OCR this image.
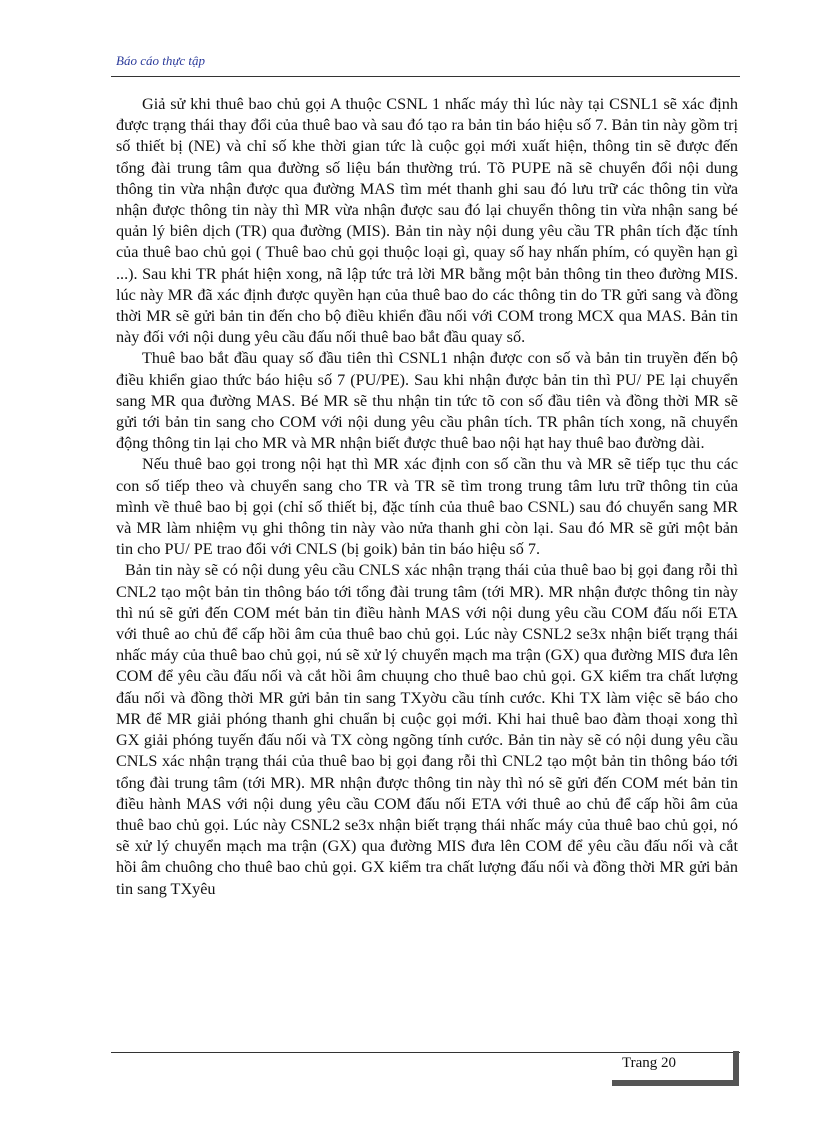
Báo cáo thực tập

Giả sử khi thuê bao chủ gọi A thuộc CSNL 1 nhấc máy thì lúc này tại CSNL1 sẽ xác định được trạng thái thay đổi của thuê bao và sau đó tạo ra bản tin báo hiệu số 7. Bản tin này gồm trị số thiết bị (NE) và chỉ số khe thời gian tức là cuộc gọi mới xuất hiện, thông tin sẽ được đến tổng đài trung tâm qua đường số liệu bán thường trú. Tõ PUPE nã sẽ chuyển đổi nội dung thông tin vừa nhận được qua đường MAS tìm mét thanh ghi sau đó lưu trữ các thông tin vừa nhận được thông tin này thì MR vừa nhận được sau đó lại chuyển thông tin vừa nhận sang bé quản lý biên dịch (TR) qua đường (MIS). Bản tin này nội dung yêu cầu TR phân tích đặc tính của thuê bao chủ gọi ( Thuê bao chủ gọi thuộc loại gì, quay số hay nhấn phím, có quyền hạn gì ...). Sau khi TR phát hiện xong, nã lập tức trả lời MR bằng một bản thông tin theo đường MIS. lúc này MR đã xác định được quyền hạn của thuê bao do các thông tin do TR gửi sang và đồng thời MR sẽ gửi bản tin đến cho bộ điều khiển đầu nối với COM trong MCX qua MAS. Bản tin này đối với nội dung yêu cầu đấu nối thuê bao bắt đầu quay số.

Thuê bao bắt đầu quay số đầu tiên thì CSNL1 nhận được con số và bản tin truyền đến bộ điều khiển giao thức báo hiệu số 7 (PU/PE). Sau khi nhận được bản tin thì PU/ PE lại chuyển sang MR qua đường MAS. Bé MR sẽ thu nhận tin tức tõ con số đầu tiên và đồng thời MR sẽ gửi tới bản tin sang cho COM với nội dung yêu cầu phân tích. TR phân tích xong, nã chuyển động thông tin lại cho MR và MR nhận biết được thuê bao nội hạt hay thuê bao đường dài.

Nếu thuê bao gọi trong nội hạt thì MR xác định con số cần thu và MR sẽ tiếp tục thu các con số tiếp theo và chuyển sang cho TR và TR sẽ tìm trong trung tâm lưu trữ thông tin của mình về thuê bao bị gọi (chỉ số thiết bị, đặc tính của thuê bao CSNL) sau đó chuyển sang MR và MR làm nhiệm vụ ghi thông tin này vào nửa thanh ghi còn lại. Sau đó MR sẽ gửi một bản tin cho PU/ PE trao đổi với CNLS (bị goik) bản tin báo hiệu số 7.

Bản tin này sẽ có nội dung yêu cầu CNLS xác nhận trạng thái của thuê bao bị gọi đang rỗi thì CNL2 tạo một bản tin thông báo tới tổng đài trung tâm (tới MR). MR nhận được thông tin này thì nú sẽ gửi đến COM mét bản tin điều hành MAS với nội dung yêu cầu COM đấu nối ETA với thuê ao chủ để cấp hồi âm của thuê bao chủ gọi. Lúc này CSNL2 se3x nhận biết trạng thái nhấc máy của thuê bao chủ gọi, nú sẽ xử lý chuyển mạch ma trận (GX) qua đường MIS đưa lên COM để yêu cầu đấu nối và cắt hồi âm chuụng cho thuê bao chủ gọi. GX kiểm tra chất lượng đấu nối và đồng thời MR gửi bản tin sang TXyờu cầu tính cước. Khi TX làm việc sẽ báo cho MR để MR giải phóng thanh ghi chuẩn bị cuộc gọi mới. Khi hai thuê bao đàm thoại xong thì GX giải phóng tuyến đấu nối và TX còng ngõng tính cước. Bản tin này sẽ có nội dung yêu cầu CNLS xác nhận trạng thái của thuê bao bị gọi đang rỗi thì CNL2 tạo một bản tin thông báo tới tổng đài trung tâm (tới MR). MR nhận được thông tin này thì nó sẽ gửi đến COM mét bản tin điều hành MAS với nội dung yêu cầu COM đấu nối ETA với thuê ao chủ để cấp hồi âm của thuê bao chủ gọi. Lúc này CSNL2 se3x nhận biết trạng thái nhấc máy của thuê bao chủ gọi, nó sẽ xử lý chuyển mạch ma trận (GX) qua đường MIS đưa lên COM để yêu cầu đấu nối và cắt hồi âm chuông cho thuê bao chủ gọi. GX kiểm tra chất lượng đấu nối và đồng thời MR gửi bản tin sang TXyêu

Trang 20
